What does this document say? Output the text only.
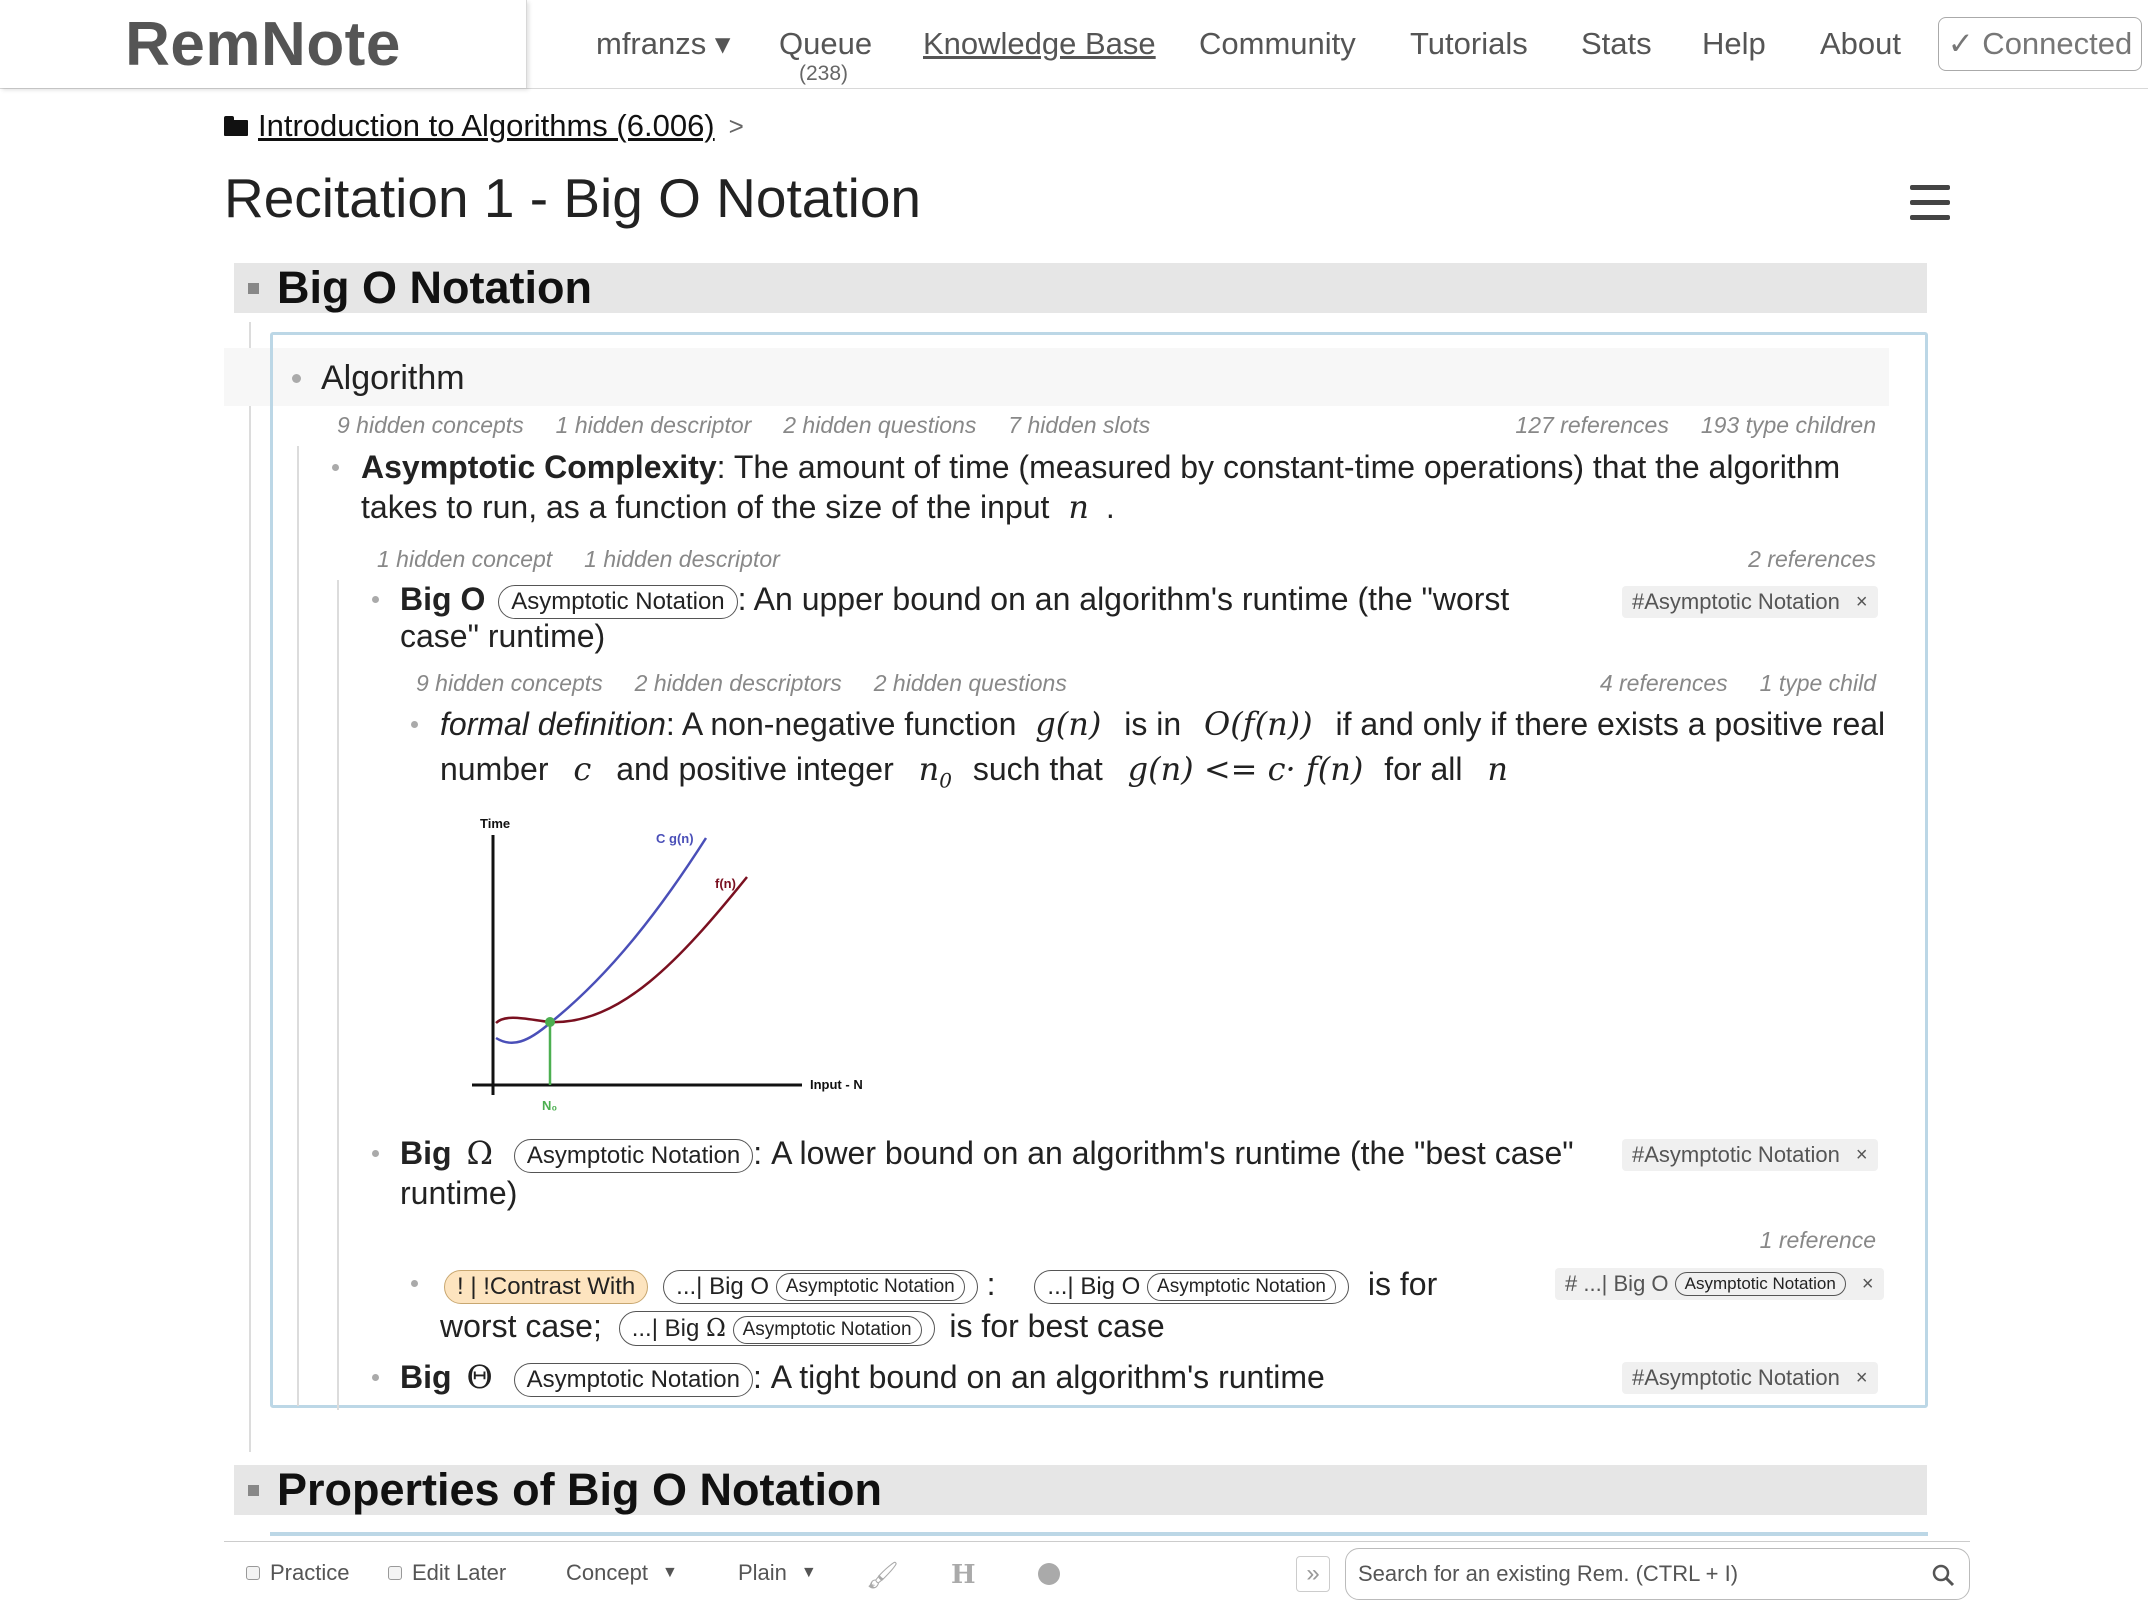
RemNote	mfranzs ▾ Queue
(238)
Knowledge Base Community Tutorials Stats Help About	✓ Connected
Introduction to Algorithms (6.006) >
Recitation 1 - Big O Notation
Big O Notation
Algorithm
9 hidden concepts 1 hidden descriptor 2 hidden questions 7 hidden slots	127 references 193 type children
Asymptotic Complexity: The amount of time (measured by constant-time operations) that the algorithm
takes to run, as a function of the size of the input n .
1 hidden concept 1 hidden descriptor	2 references
Big O Asymptotic Notation : An upper bound on an algorithm's runtime (the "worst
case" runtime)
#Asymptotic Notation ×
9 hidden concepts 2 hidden descriptors 2 hidden questions	4 references 1 type child
formal definition: A non-negative function g(n) is in O(f(n)) if and only if there exists a positive real
number c and positive integer $n_0$ such that g(n) <= c· f(n) for all n
Time
Input - N
C g(n)
f(n)
N₀
Big Ω Asymptotic Notation : A lower bound on an algorithm's runtime (the "best case"
runtime)
#Asymptotic Notation ×
1 reference
! | !Contrast With ...| Big O Asymptotic Notation : ...| Big O Asymptotic Notation is for
worst case; ...| Big Ω Asymptotic Notation is for best case
# ...| Big O
Asymptotic Notation	×
Big Θ Asymptotic Notation : A tight bound on an algorithm's runtime	#Asymptotic Notation ×
Properties of Big O Notation
Practice	Edit Later	Concept ▼	Plain ▼ 🖌 H	»	Search for an existing Rem. (CTRL + I)
